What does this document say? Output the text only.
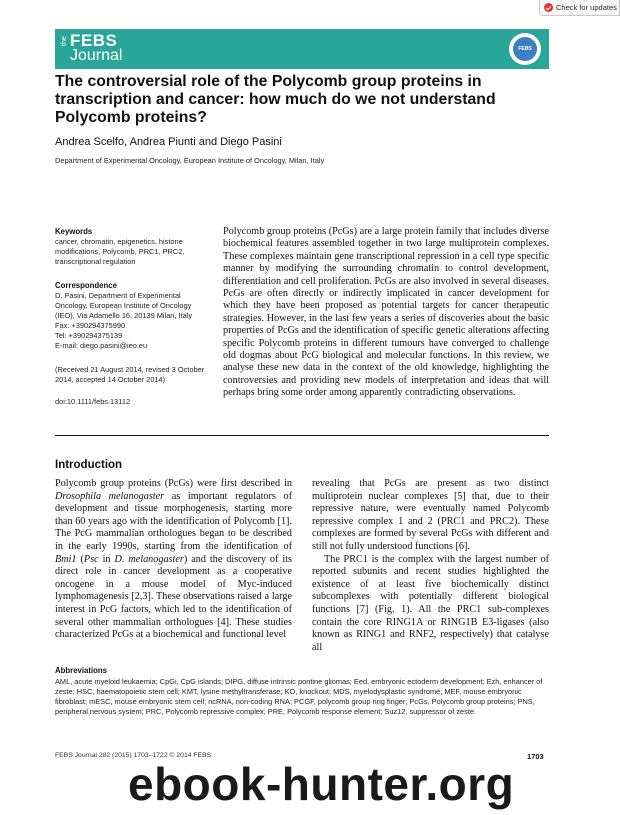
Check for updates
the FEBS
Journal	FEBS
The controversial role of the Polycomb group proteins in transcription and cancer: how much do we not understand Polycomb proteins?
Andrea Scelfo, Andrea Piunti and Diego Pasini
Department of Experimental Oncology, European Institute of Oncology, Milan, Italy
Keywords
cancer, chromatin, epigenetics, histone modifications, Polycomb, PRC1, PRC2, transcriptional regulation
Correspondence
D. Pasini, Department of Experimental Oncology, European Institute of Oncology (IEO), Via Adamello 16, 20139 Milan, Italy
Fax: +390294375990
Tel: +390294375139
E-mail: diego.pasini@ieo.eu
(Received 21 August 2014, revised 3 October 2014, accepted 14 October 2014)
doi:10.1111/febs.13112

Polycomb group proteins (PcGs) are a large protein family that includes diverse biochemical features assembled together in two large multiprotein complexes. These complexes maintain gene transcriptional repression in a cell type specific manner by modifying the surrounding chromatin to control development, differentiation and cell proliferation. PcGs are also involved in several diseases. PcGs are often directly or indirectly implicated in cancer development for which they have been proposed as potential targets for cancer therapeutic strategies. However, in the last few years a series of discoveries about the basic properties of PcGs and the identification of specific genetic alterations affecting specific Polycomb proteins in different tumours have converged to challenge old dogmas about PcG biological and molecular functions. In this review, we analyse these new data in the context of the old knowledge, highlighting the controversies and providing new models of interpretation and ideas that will perhaps bring some order among apparently contradicting observations.

Introduction

Polycomb group proteins (PcGs) were first described in Drosophila melanogaster as important regulators of development and tissue morphogenesis, starting more than 60 years ago with the identification of Polycomb [1]. The PcG mammalian orthologues began to be described in the early 1990s, starting from the identification of Bmi1 (Psc in D. melanogaster) and the discovery of its direct role in cancer development as a cooperative oncogene in a mouse model of Myc-induced lymphomagenesis [2,3]. These observations raised a large interest in PcG factors, which led to the identification of several other mammalian orthologues [4]. These studies characterized PcGs at a biochemical and functional level

revealing that PcGs are present as two distinct multiprotein nuclear complexes [5] that, due to their repressive nature, were eventually named Polycomb repressive complex 1 and 2 (PRC1 and PRC2). These complexes are formed by several PcGs with different and still not fully understood functions [6].

The PRC1 is the complex with the largest number of reported subunits and recent studies highlighted the existence of at least five biochemically distinct subcomplexes with potentially different biological functions [7] (Fig. 1). All the PRC1 sub-complexes contain the core RING1A or RING1B E3-ligases (also known as RING1 and RNF2, respectively) that catalyse all

Abbreviations
AML, acute myeloid leukaemia; CpGi, CpG islands; DIPG, diffuse intrinsic pontine gliomas; Eed, embryonic ectoderm development; Ezh, enhancer of zeste; HSC, haematopoietic stem cell; KMT, lysine methyltransferase; KO, knockout; MDS, myelodysplastic syndrome; MEF, mouse embryonic fibroblast; mESC, mouse embryonic stem cell; ncRNA, non-coding RNA; PCGF, polycomb group ring finger; PcGs, Polycomb group proteins; PNS, peripheral nervous system; PRC, Polycomb repressive complex; PRE, Polycomb response element; Suz12, suppressor of zeste.
FEBS Journal 282 (2015) 1703–1722 © 2014 FEBS	1703
ebook-hunter.org
